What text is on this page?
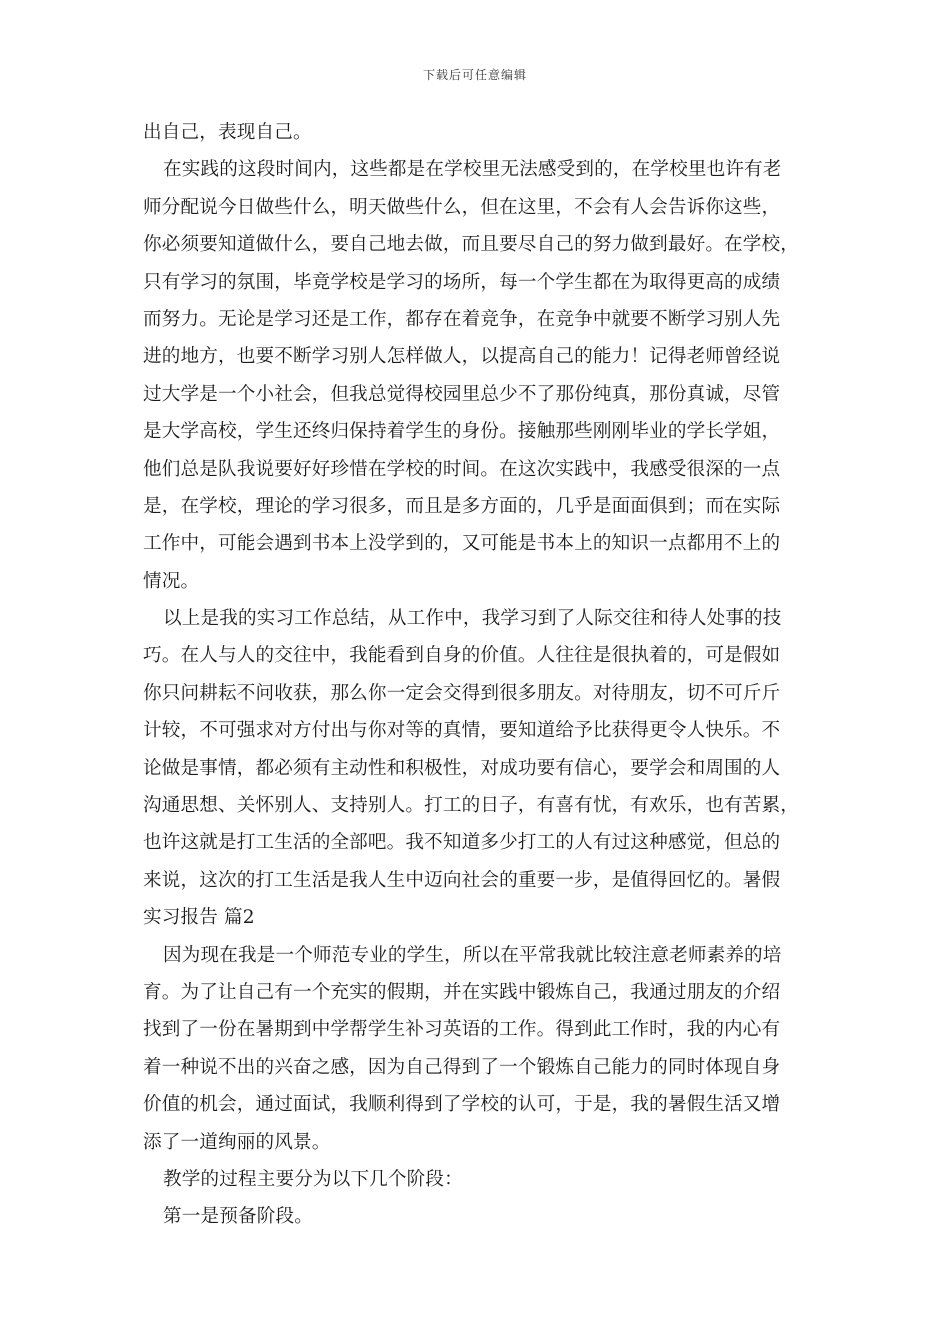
下载后可任意编辑
出自己，表现自己。
在实践的这段时间内，这些都是在学校里无法感受到的，在学校里也许有老
师分配说今日做些什么，明天做些什么，但在这里，不会有人会告诉你这些，
你必须要知道做什么，要自己地去做，而且要尽自己的努力做到最好。在学校，
只有学习的氛围，毕竟学校是学习的场所，每一个学生都在为取得更高的成绩
而努力。无论是学习还是工作，都存在着竞争，在竞争中就要不断学习别人先
进的地方，也要不断学习别人怎样做人，以提高自己的能力！记得老师曾经说
过大学是一个小社会，但我总觉得校园里总少不了那份纯真，那份真诚，尽管
是大学高校，学生还终归保持着学生的身份。接触那些刚刚毕业的学长学姐，
他们总是队我说要好好珍惜在学校的时间。在这次实践中，我感受很深的一点
是，在学校，理论的学习很多，而且是多方面的，几乎是面面俱到；而在实际
工作中，可能会遇到书本上没学到的，又可能是书本上的知识一点都用不上的
情况。
以上是我的实习工作总结，从工作中，我学习到了人际交往和待人处事的技
巧。在人与人的交往中，我能看到自身的价值。人往往是很执着的，可是假如
你只问耕耘不问收获，那么你一定会交得到很多朋友。对待朋友，切不可斤斤
计较，不可强求对方付出与你对等的真情，要知道给予比获得更令人快乐。不
论做是事情，都必须有主动性和积极性，对成功要有信心，要学会和周围的人
沟通思想、关怀别人、支持别人。打工的日子，有喜有忧，有欢乐，也有苦累，
也许这就是打工生活的全部吧。我不知道多少打工的人有过这种感觉，但总的
来说，这次的打工生活是我人生中迈向社会的重要一步，是值得回忆的。暑假
实习报告 篇2
因为现在我是一个师范专业的学生，所以在平常我就比较注意老师素养的培
育。为了让自己有一个充实的假期，并在实践中锻炼自己，我通过朋友的介绍
找到了一份在暑期到中学帮学生补习英语的工作。得到此工作时，我的内心有
着一种说不出的兴奋之感，因为自己得到了一个锻炼自己能力的同时体现自身
价值的机会，通过面试，我顺利得到了学校的认可，于是，我的暑假生活又增
添了一道绚丽的风景。
教学的过程主要分为以下几个阶段：
第一是预备阶段。
